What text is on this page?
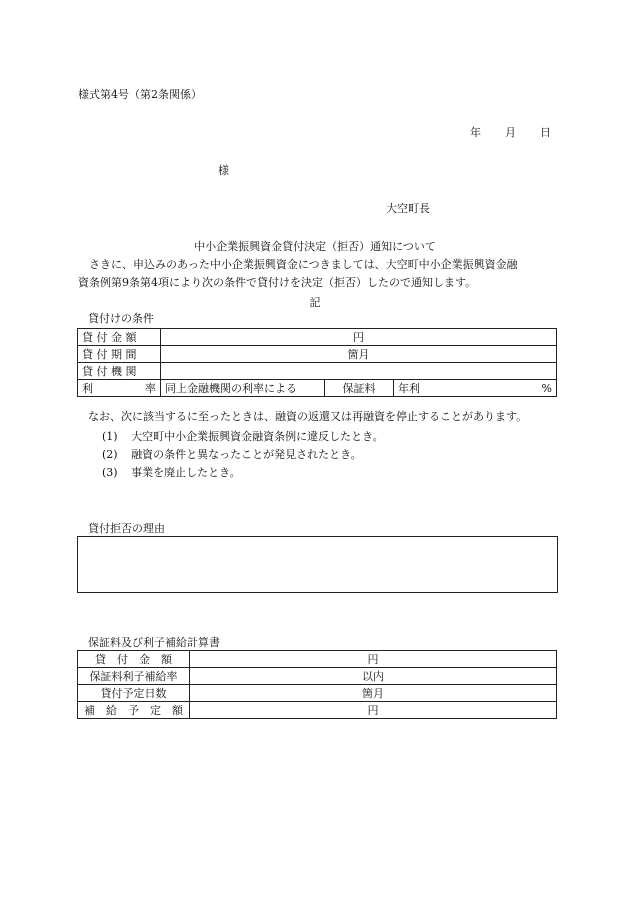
様式第4号（第2条関係）
年 月 日
様
大空町長
中小企業振興資金貸付決定（拒否）通知について
さきに、申込みのあった中小企業振興資金につきましては、大空町中小企業振興資金融
資条例第9条第4項により次の条件で貸付けを決定（拒否）したので通知します。
記
貸付けの条件
貸 付 金 額	円			
貸 付 期 間	箇月			
貸 付 機 関				
利 率	同上金融機関の利率による	保証料	年利	%
なお、次に該当するに至ったときは、融資の返還又は再融資を停止することがあります。
(1) 大空町中小企業振興資金融資条例に違反したとき。
(2) 融資の条件と異なったことが発見されたとき。
(3) 事業を廃止したとき。
貸付拒否の理由
保証料及び利子補給計算書
貸　付　金　額	円
保証料利子補給率	以内
貸付予定日数	箇月
補　給　予　定　額	円
